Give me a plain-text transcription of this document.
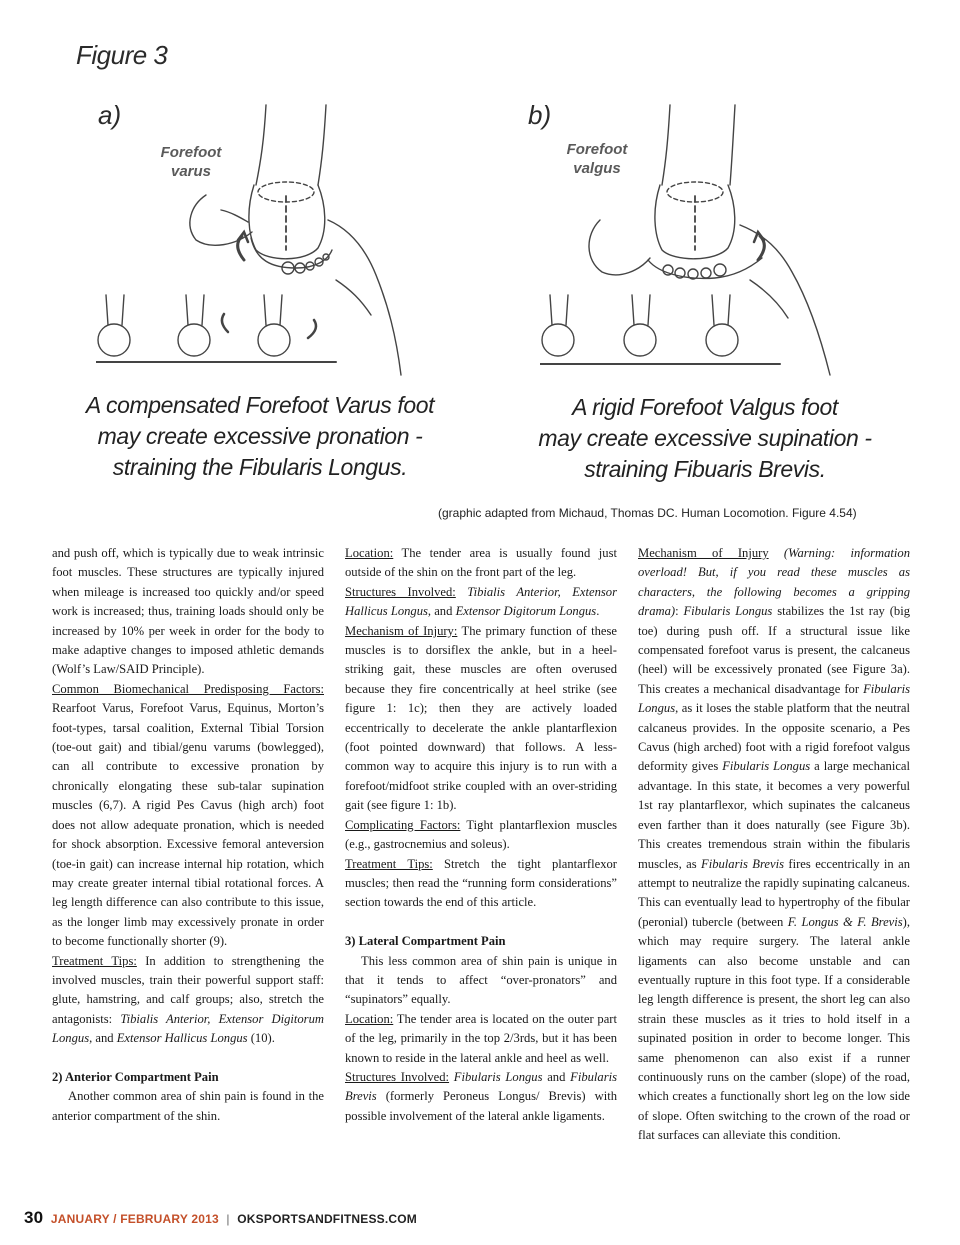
Figure 3
a)	b)
Forefoot varus
Forefoot valgus
A compensated Forefoot Varus foot
may create excessive pronation -
straining the Fibularis Longus.
A rigid Forefoot Valgus foot
may create excessive supination -
straining Fibuaris Brevis.
(graphic adapted from Michaud, Thomas DC. Human Locomotion. Figure 4.54)

and push off, which is typically due to weak intrinsic foot muscles. These structures are typically injured when mileage is increased too quickly and/or speed work is increased; thus, training loads should only be increased by 10% per week in order for the body to make adaptive changes to imposed athletic demands (Wolf’s Law/SAID Principle).

Common Biomechanical Predisposing Factors: Rearfoot Varus, Forefoot Varus, Equinus, Morton’s foot-types, tarsal coalition, External Tibial Torsion (toe-out gait) and tibial/genu varums (bowlegged), can all contribute to excessive pronation by chronically elongating these sub-talar supination muscles (6,7). A rigid Pes Cavus (high arch) foot does not allow adequate pronation, which is needed for shock absorption. Excessive femoral anteversion (toe-in gait) can increase internal hip rotation, which may create greater internal tibial rotational forces. A leg length difference can also contribute to this issue, as the longer limb may excessively pronate in order to become functionally shorter (9).

Treatment Tips: In addition to strengthening the involved muscles, train their powerful support staff: glute, hamstring, and calf groups; also, stretch the antagonists: Tibialis Anterior, Extensor Digitorum Longus, and Extensor Hallicus Longus (10).

2) Anterior Compartment Pain

Another common area of shin pain is found in the anterior compartment of the shin.

Location: The tender area is usually found just outside of the shin on the front part of the leg.

Structures Involved: Tibialis Anterior, Extensor Hallicus Longus, and Extensor Digitorum Longus.

Mechanism of Injury: The primary function of these muscles is to dorsiflex the ankle, but in a heel-striking gait, these muscles are often overused because they fire concentrically at heel strike (see figure 1: 1c); then they are actively loaded eccentrically to decelerate the ankle plantarflexion (foot pointed downward) that follows. A less-common way to acquire this injury is to run with a forefoot/midfoot strike coupled with an over-striding gait (see figure 1: 1b).

Complicating Factors: Tight plantarflexion muscles (e.g., gastrocnemius and soleus).

Treatment Tips: Stretch the tight plantarflexor muscles; then read the “running form considerations” section towards the end of this article.

3) Lateral Compartment Pain

This less common area of shin pain is unique in that it tends to affect “over-pronators” and “supinators” equally.

Location: The tender area is located on the outer part of the leg, primarily in the top 2/3rds, but it has been known to reside in the lateral ankle and heel as well.

Structures Involved: Fibularis Longus and Fibularis Brevis (formerly Peroneus Longus/ Brevis) with possible involvement of the lateral ankle ligaments.

Mechanism of Injury (Warning: information overload! But, if you read these muscles as characters, the following becomes a gripping drama): Fibularis Longus stabilizes the 1st ray (big toe) during push off. If a structural issue like compensated forefoot varus is present, the calcaneus (heel) will be excessively pronated (see Figure 3a). This creates a mechanical disadvantage for Fibularis Longus, as it loses the stable platform that the neutral calcaneus provides. In the opposite scenario, a Pes Cavus (high arched) foot with a rigid forefoot valgus deformity gives Fibularis Longus a large mechanical advantage. In this state, it becomes a very powerful 1st ray plantarflexor, which supinates the calcaneus even farther than it does naturally (see Figure 3b). This creates tremendous strain within the fibularis muscles, as Fibularis Brevis fires eccentrically in an attempt to neutralize the rapidly supinating calcaneus. This can eventually lead to hypertrophy of the fibular (peronial) tubercle (between F. Longus & F. Brevis), which may require surgery. The lateral ankle ligaments can also become unstable and can eventually rupture in this foot type. If a considerable leg length difference is present, the short leg can also strain these muscles as it tries to hold itself in a supinated position in order to become longer. This same phenomenon can also exist if a runner continuously runs on the camber (slope) of the road, which creates a functionally short leg on the low side of slope. Often switching to the crown of the road or flat surfaces can alleviate this condition.

30 JANUARY / FEBRUARY 2013 | OKSPORTSANDFITNESS.COM
